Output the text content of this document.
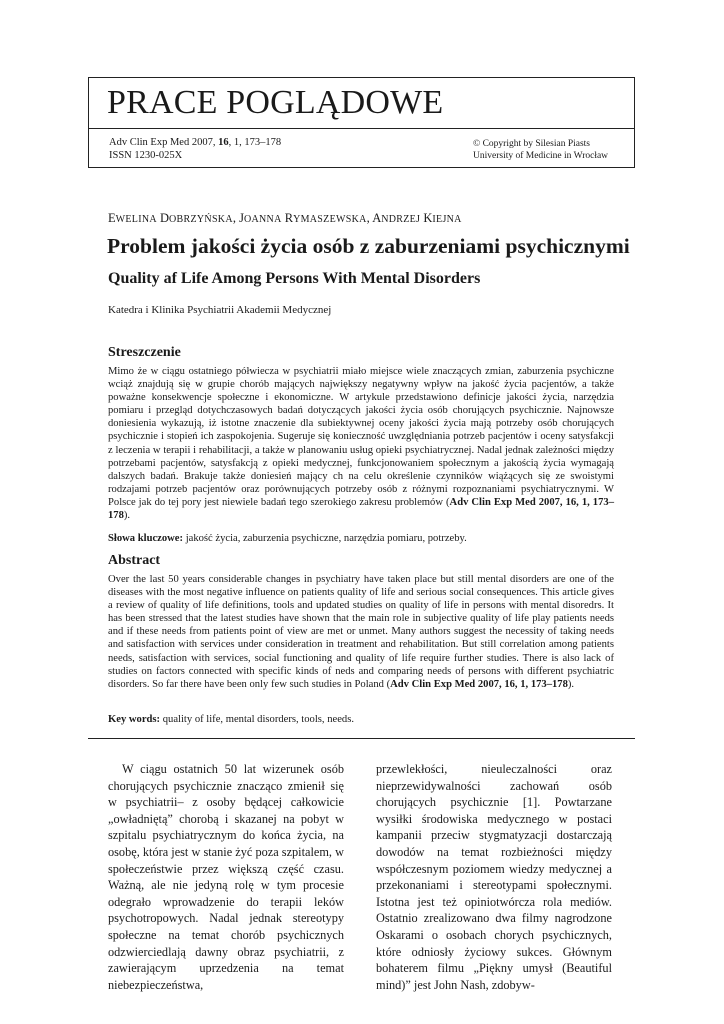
PRACE POGLĄDOWE
Adv Clin Exp Med 2007, 16, 1, 173–178
ISSN 1230-025X
© Copyright by Silesian Piasts
University of Medicine in Wrocław
EWELINA DOBRZYŃSKA, JOANNA RYMASZEWSKA, ANDRZEJ KIEJNA
Problem jakości życia osób z zaburzeniami psychicznymi
Quality af Life Among Persons With Mental Disorders
Katedra i Klinika Psychiatrii Akademii Medycznej
Streszczenie
Mimo że w ciągu ostatniego półwiecza w psychiatrii miało miejsce wiele znaczących zmian, zaburzenia psychiczne wciąż znajdują się w grupie chorób mających największy negatywny wpływ na jakość życia pacjentów, a także poważne konsekwencje społeczne i ekonomiczne. W artykule przedstawiono definicje jakości życia, narzędzia pomiaru i przegląd dotychczasowych badań dotyczących jakości życia osób chorujących psychicznie. Najnowsze doniesienia wykazują, iż istotne znaczenie dla subiektywnej oceny jakości życia mają potrzeby osób chorujących psychicznie i stopień ich zaspokojenia. Sugeruje się konieczność uwzględniania potrzeb pacjentów i oceny satysfakcji z leczenia w terapii i rehabilitacji, a także w planowaniu usług opieki psychiatrycznej. Nadal jednak zależności między potrzebami pacjentów, satysfakcją z opieki medycznej, funkcjonowaniem społecznym a jakością życia wymagają dalszych badań. Brakuje także doniesień mający ch na celu określenie czynników wiążących się ze swoistymi rodzajami potrzeb pacjentów oraz porównujących potrzeby osób z różnymi rozpoznaniami psychiatrycznymi. W Polsce jak do tej pory jest niewiele badań tego szerokiego zakresu problemów (Adv Clin Exp Med 2007, 16, 1, 173–178).
Słowa kluczowe: jakość życia, zaburzenia psychiczne, narzędzia pomiaru, potrzeby.
Abstract
Over the last 50 years considerable changes in psychiatry have taken place but still mental disorders are one of the diseases with the most negative influence on patients quality of life and serious social consequences. This article gives a review of quality of life definitions, tools and updated studies on quality of life in persons with mental disoredrs. It has been stressed that the latest studies have shown that the main role in subjective quality of life play patients needs and if these needs from patients point of view are met or unmet. Many authors suggest the necessity of taking needs and satisfaction with services under consideration in treatment and rehabilitation. But still correlation among patients needs, satisfaction with services, social functioning and quality of life require further studies. There is also lack of studies on factors connected with specific kinds of neds and comparing needs of persons with different psychiatric disorders. So far there have been only few such studies in Poland (Adv Clin Exp Med 2007, 16, 1, 173–178).
Key words: quality of life, mental disorders, tools, needs.
W ciągu ostatnich 50 lat wizerunek osób chorujących psychicznie znacząco zmienił się w psychiatrii– z osoby będącej całkowicie „owładniętą” chorobą i skazanej na pobyt w szpitalu psychiatrycznym do końca życia, na osobę, która jest w stanie żyć poza szpitalem, w społeczeństwie przez większą część czasu. Ważną, ale nie jedyną rolę w tym procesie odegrało wprowadzenie do terapii leków psychotropowych. Nadal jednak stereotypy społeczne na temat chorób psychicznych odzwierciedlają dawny obraz psychiatrii, z zawierającym uprzedzenia na temat niebezpieczeństwa,
przewlekłości, nieuleczalności oraz nieprzewidywalności zachowań osób chorujących psychicznie [1]. Powtarzane wysiłki środowiska medycznego w postaci kampanii przeciw stygmatyzacji dostarczają dowodów na temat rozbieżności między współczesnym poziomem wiedzy medycznej a przekonaniami i stereotypami społecznymi. Istotna jest też opiniotwórcza rola mediów. Ostatnio zrealizowano dwa filmy nagrodzone Oskarami o osobach chorych psychicznych, które odniosły życiowy sukces. Głównym bohaterem filmu „Piękny umysł (Beautiful mind)” jest John Nash, zdobyw-
